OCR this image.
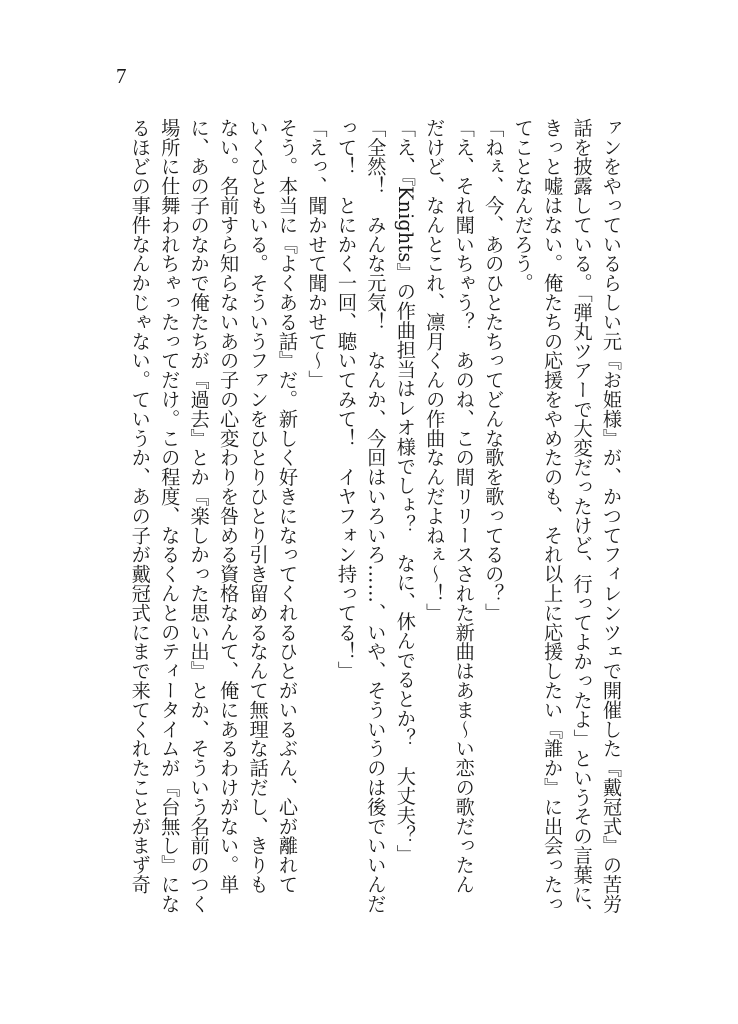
7

ァンをやっているらしい元『お姫様』が、かつてフィレンツェで開催した『戴冠式』の苦労

話を披露している。「弾丸ツアーで大変だったけど、行ってよかったよ」というその言葉に、

きっと嘘はない。俺たちの応援をやめたのも、それ以上に応援したい『誰か』に出会ったっ

てことなんだろう。

「ねぇ、今、あのひとたちってどんな歌を歌ってるの？」

「え、それ聞いちゃう？　あのね、この間リリースされた新曲はあま〜い恋の歌だったん

だけど、なんとこれ、凛月くんの作曲なんだよねぇ〜！」

「え、『Knights』の作曲担当はレオ様でしょ？　なに、休んでるとか？　大丈夫？」

「全然！　みんな元気！　なんか、今回はいろいろ……、いや、そういうのは後でいいんだ

って！　とにかく一回、聴いてみて！　イヤフォン持ってる！」

「えっ、聞かせて聞かせて〜」

そう。本当に『よくある話』だ。新しく好きになってくれるひとがいるぶん、心が離れて

いくひともいる。そういうファンをひとりひとり引き留めるなんて無理な話だし、きりも

ない。名前すら知らないあの子の心変わりを咎める資格なんて、俺にあるわけがない。単

に、あの子のなかで俺たちが『過去』とか『楽しかった思い出』とか、そういう名前のつく

場所に仕舞われちゃったってだけ。この程度、なるくんとのティータイムが『台無し』にな

るほどの事件なんかじゃない。ていうか、あの子が戴冠式にまで来てくれたことがまず奇
